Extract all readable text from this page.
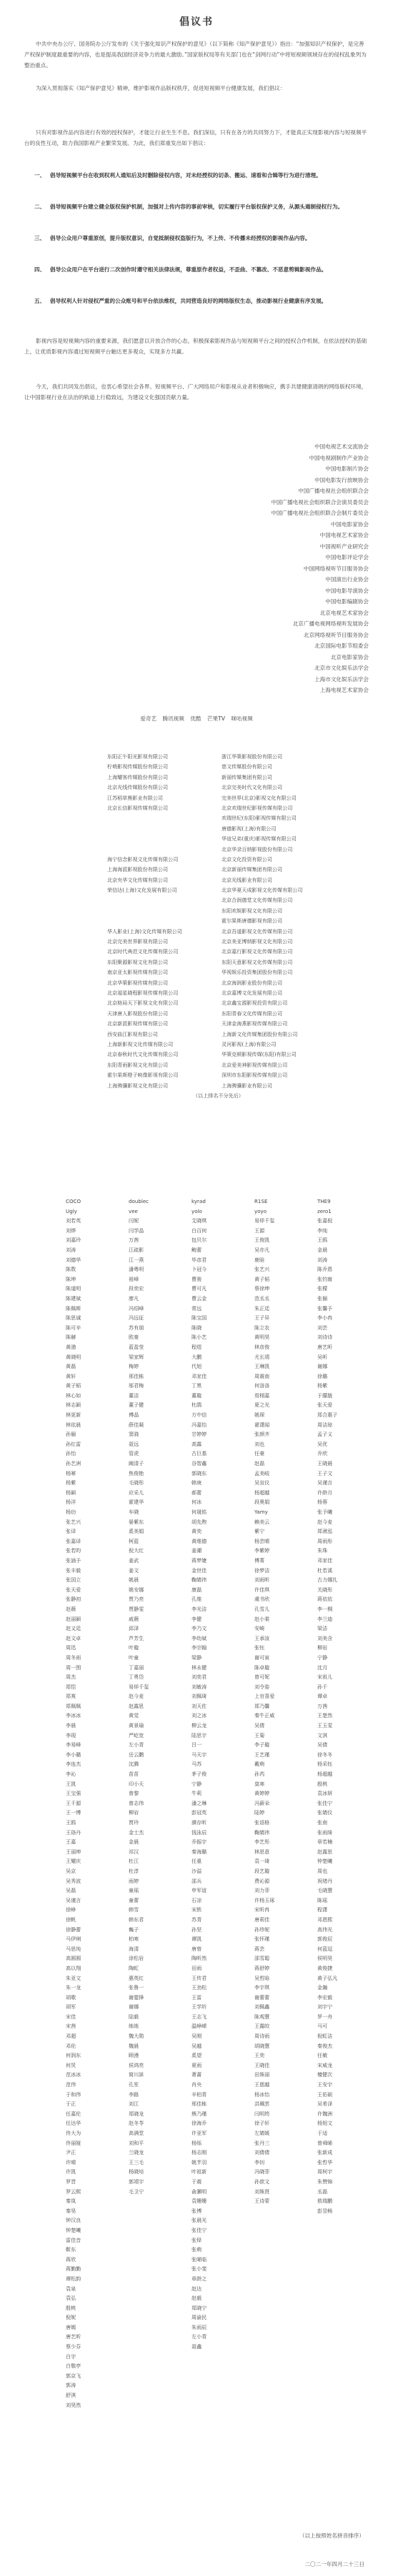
倡议书

中共中央办公厅、国务院办公厅发布的《关于强化知识产权保护的意见》（以下简称《知产保护意见》）指出：“加强知识产权保护，是完善产权保护制度最重要的内容，也是提高我国经济竞争力的最大激励。”国家版权局等有关部门也在“剑网行动”中将短视频领域存在的侵权乱象列为整治重点。

为深入贯彻落实《知产保护意见》精神，维护影视作品版权秩序，促进短视频平台健康发展，我们倡议：

只有对影视作品内容进行有效的授权保护，才能让行业生生不息。我们深信，只有在各方的共同努力下，才能真正实现影视内容与短视频平台的良性互动，助力我国影视产业繁荣发展。为此，我们郑重发出如下倡议：

一、 倡导短视频平台在收到权利人通知后及时删除侵权内容，对未经授权的切条、搬运、速看和合辑等行为进行清理。
二、 倡导短视频平台建立健全版权保护机制，加强对上传内容的事前审核，切实履行平台版权保护义务，从源头遏制侵权行为。
三、 倡导公众用户尊重原创，提升版权意识，自觉抵制侵权盗版行为，不上传、不传播未经授权的影视作品内容。
四、 倡导公众用户在平台进行二次创作时遵守相关法律法规，尊重原作者权益，不歪曲、不篡改、不恶意剪辑影视作品。
五、 倡导权利人针对侵权严重的公众账号和平台依法维权，共同营造良好的网络版权生态，推动影视行业健康有序发展。

影视内容是短视频内容的重要来源，我们愿意以开放合作的心态，积极探索影视作品与短视频平台之间的授权合作机制，在依法授权的基础上，让优质影视内容通过短视频平台触达更多观众，实现多方共赢。

今天，我们共同发出倡议，也衷心希望社会各界、短视频平台、广大网络用户和影视从业者积极响应，携手共建健康清朗的网络版权环境，让中国影视行业在法治的轨道上行稳致远，为建设文化强国贡献力量。

中国电视艺术交流协会
中国电视剧制作产业协会
中国电影制片协会
中国电影发行放映协会
中国广播电视社会组织联合会
中国广播电视社会组织联合会演员委员会
中国广播电视社会组织联合会制片委员会
中国电影家协会
中国电视艺术家协会
中国视听产业研究会
中国电影评论学会
中国网络视听节目服务协会
中国演出行业协会
中国电影导演协会
中国电影编剧协会
北京电视艺术家协会
北京广播电视网络视听发展协会
北京网络视听节目服务协会
北京国际电影节组委会
北京电影家协会
北京市文化娱乐法学会
上海市文化娱乐法学会
上海电视艺术家协会
爱奇艺 腾讯视频 优酷 芒果TV 咪咕视频
东阳正午阳光影视有限公司	浙江华策影视股份有限公司
柠萌影视传媒股份有限公司	慈文传媒股份有限公司
上海耀客传媒股份有限公司	新丽传媒集团有限公司
北京光线传媒股份有限公司	北京完美时代文化有限公司
江苏稻草熊影业有限公司	完美世界(北京)影视文化有限公司
北京长信影视传媒有限公司	北京欢瑞世纪影视传媒有限公司
欢瑞世纪(东阳)影视传媒有限公司
唐德影视(上海)有限公司
华谊兄弟(重庆)影视传媒有限公司
北京华录百纳影视股份有限公司
海宁信念影视文化传媒有限公司	北京文化投资有限公司
上海海派影视股份有限公司	北京新丽传媒集团有限公司
北京央华文化传媒有限公司	北京光线影业有限公司
荣信达(上海)文化发展有限公司	北京华夏天成影视文化传媒有限公司
北京合润德堂文化传媒有限公司
东阳欢娱影视文化有限公司
霍尔果斯唐德影视有限公司
华人影业(上海)文化传媒有限公司	北京吾道影视文化传媒有限公司
北京完美世界影视有限公司	北京美亚博纳影视文化有限公司
北京时代典范文化传媒有限公司	北京嘉行影视文化传媒有限公司
东阳聚源影视文化有限公司	东阳天意影视文化传媒有限公司
南京亚太影视传媒有限公司	华视娱乐投资集团股份有限公司
北京华策影视传媒有限公司	北京海润影业股份有限公司
北京福星晓程影视传媒有限公司	北京嘉博文化发展有限公司
北京格局天下影视文化有限公司	北京鑫宝源影视投资有限公司
天津唐人影视股份有限公司	东阳青春文化传媒有限公司
北京新派影视传媒有限公司	天津金海燕影视传媒有限公司
西安曲江影视有限公司	上海新文化传媒集团股份有限公司
上海新影视文化传媒有限公司	灵河影视(上海)有限公司
北京春秋时代文化传媒有限公司	华策克顿影视传媒(东阳)有限公司
东阳青雨影视文化有限公司	北京爱美神影视传媒有限公司
霍尔果斯橙子映像影视有限公司	深圳市东阳影视传媒有限公司
上海骋骧影视文化有限公司	上海骋骧影业有限公司
（以上排名不分先后）
COCO
Ugly
刘若英
刘烨
刘嘉玲
刘涛
刘德华
陈数
陈坤
陈道明
陈建斌
陈佩斯
陈思诚
陈可辛
陈赫
黄渤
黄晓明
黄磊
黄轩
黄子韬
林心如
林志颖
林更新
林依晨
孙俪
孙红雷
孙怡
孙艺洲
杨幂
杨紫
杨颖
杨洋
杨玏
张艺兴
张译
张嘉译
张若昀
张涵予
张丰毅
张国立
张天爱
张静初
赵薇
赵丽颖
赵又廷
赵文卓
周迅
周冬雨
周一围
周杰
郑恺
郑爽
郑佩佩
李冰冰
李晨
李现
李易峰
李小璐
李连杰
李沁
王凯
王宝强
王千源
王一博
王鸥
王珞丹
王嘉
王丽坤
王耀庆
吴京
吴秀波
吴磊
吴谨言
徐峥
徐帆
徐静蕾
马伊琍
马思纯
高圆圆
高以翔
朱亚文
朱一龙
胡歌
胡军
宋佳
宋茜
邓超
邓伦
何润东
何炅
范冰冰
范伟
于和伟
于正
任嘉伦
任达华
佟大为
佟丽娅
尹正
许晴
许凯
罗晋
罗云熙
秦岚
秦昊
钟汉良
钟楚曦
雷佳音
靳东
蒋欣
蒋勤勤
谭松韵
袁泉
袁弘
殷桃
倪妮
唐嫣
唐艺昕
蔡少芬
白宇
白敬亭
郭京飞
郭涛
舒淇
刘昊然
doublec
vee
闫妮
闫学晶
万茜
江疏影
江一燕
潘粤明
祖峰
段奕宏
廖凡
冯绍峰
冯远征
苏有朋
欧豪
蓝盈莹
梁家辉
梅婷
邢佳栋
邬君梅
董洁
董子健
傅晶
薛佳凝
窦骁
聂远
管虎
阚清子
焦俊艳
毛晓彤
应采儿
霍建华
车晓
晏紫东
奚美娟
柯蓝
倪大红
姜武
姜文
姚晨
姚安娜
贾乃亮
贾静雯
戚薇
邱泽
芦芳生
叶璇
叶童
丁嘉丽
丁勇岱
易烊千玺
赵今麦
赵露思
黄觉
黄景瑜
严屹宽
左小青
岳云鹏
沈腾
苗苗
印小天
曾黎
曾志伟
柳岩
贾玲
金士杰
金晨
祁汉
杜江
杜淳
雨婷
童瑶
童蕾
韩雪
韩东君
巍子
柏寒
海清
涂松岩
陶虹
惠英红
张鲁一
谢霆锋
谢娜
陆毅
练练
魏大勋
魏晨
顾漫
侯鸿亮
简川訸
孔笙
李路
刘江
郑晓龙
赵冬苓
高满堂
刘和平
兰晓龙
王三毛
杨晓培
郭靖宇
毛卫宁
kyrad
yolo
艾晓琪
白百何
包贝尔
鲍蕾
毕彦君
卜冠今
曹骏
曹可凡
曹云金
常远
陈宝国
陈晓
陈小艺
程煜
大鹏
代旭
邓家佳
丁黑
董璇
杜鹃
方中信
冯嘉怡
甘婷婷
高露
古巨基
谷智鑫
郭晓东
韩庚
郝蕾
何冰
何晟铭
胡先煦
黄奕
黄维德
姜潮
蒋梦婕
金世佳
鞠婧祎
康磊
孔维
李光洁
李健
李乃文
李幼斌
李宗翰
梁静
林永健
刘奕君
刘敏涛
刘佩琦
刘天佐
刘之冰
柳云龙
陆思宇
吕一
马天宇
马苏
茅子俊
宁静
牛莉
潘之琳
彭冠英
濮存昕
钱泳辰
乔振宇
秦海璐
任重
沙溢
邵兵
申军谊
石凉
宋轶
苏青
孙坚
谭凯
唐曾
陶昕然
田雨
王传君
王劲松
王雷
王学圻
王志飞
温峥嵘
吴刚
吴越
奚望
夏雨
萧蔷
肖央
辛柏青
邢佳栋
熊乃瑾
徐海乔
许亚军
杨烁
杨志刚
姚芊羽
叶祖新
于震
俞灏明
袁姗姗
张博
张晨光
张佳宁
张铎
张萌
张晞临
张小斐
章龄之
赵达
赵毅
郑晓宁
周渝民
朱雨辰
左小青
聂鑫
R1SE
yoyo
易烊千玺
王源
王俊凯
吴亦凡
鹿晗
张艺兴
黄子韬
蔡徐坤
范丞丞
朱正廷
王子异
陈立农
黄明昊
林彦俊
尤长靖
王琳凯
周震南
何洛洛
焉栩嘉
夏之光
姚琛
翟潇闻
张颜齐
刘也
任豪
赵磊
孟美岐
吴宣仪
杨超越
段奥娟
Yamy
赖美云
紫宁
杨芸晴
李紫婷
傅菁
徐梦洁
刘雨昕
许佳琪
虞书欣
孔雪儿
赵小棠
安崎
王承渲
张钰
谢可寅
陈卓璇
曾可妮
刘令姿
上官喜爱
郑乃馨
秦牛正威
吴倩
王菊
李子璇
王艺瑾
戴萌
孙芮
莫寒
黄婷婷
冯薪朵
陆婷
张语格
鞠婧祎
李艺彤
林思意
袁一琦
段艺璇
费沁源
刘力菲
许杨玉琢
宋昕冉
唐莉佳
孙珍妮
张怀瑾
蒋芸
邵雪聪
蒋舒婷
吴哲晗
李宇琪
谢蕾蕾
刘佩鑫
陈观慧
王露皎
周诗雨
胡晓慧
王奕
王晓佳
田姝丽
王偲越
杨冰怡
洪珮雲
闫明筠
徐子轩
左婧媛
张丹三
刘倩倩
李钊
冯晓菲
孙歆文
刘姝贤
王诗蒙
THE9
zero1
张嘉倪
李纯
王鸥
金晨
刘涛
陈乔恩
张钧甯
张檬
张俪
张馨予
李小冉
刘芸
刘诗诗
唐艺昕
吴昕
谢娜
徐璐
杨紫
于朦胧
张天爱
郑合惠子
周洁琼
孟子义
吴优
乔欣
王晓晨
王子文
吴谨言
许龄月
杨蓉
张予曦
赵今麦
郑湫泓
周雨彤
朱珠
邓家佳
杜若溪
古力娜扎
关晓彤
蒋依依
李一桐
李兰迪
梁洁
刘美含
柳岩
宁静
沈月
宋祖儿
孙千
谭卓
万茜
王楚然
王玉雯
文淇
吴倩
徐冬冬
杨采钰
杨超越
殷桃
袁冰妍
张佳宁
张婧仪
张南
张雨绮
章若楠
赵露思
钟楚曦
周也
祝绪丹
毛晓慧
陈瑶
程潇
邓恩熙
高伟光
郭俊辰
何蓝逗
侯明昊
黄俊捷
黄子弘凡
金瀚
李宏毅
刘宇宁
罗一舟
马可
倪虹洁
秦俊杰
任敏
宋威龙
檀健次
王安宇
王佑硕
吴希泽
许魏洲
杨旭文
于适
曾舜晞
张新成
张哲华
周柯宇
朱赞锦
丞磊
敖瑞鹏
彭昱畅
（以上按照姓名拼音排序）
二〇二一年四月二十三日
